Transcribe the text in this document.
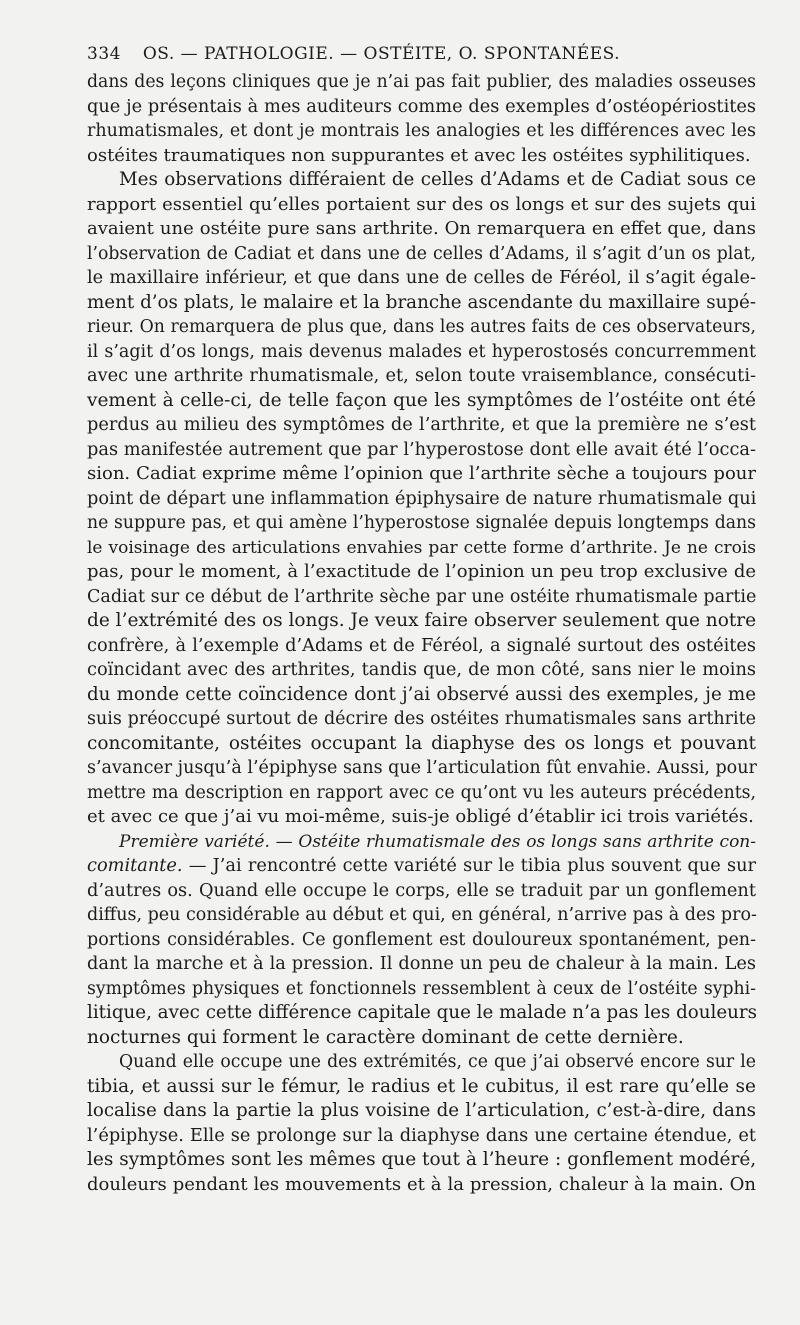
334 OS. — PATHOLOGIE. — OSTÉITE, O. SPONTANÉES.
dans des leçons cliniques que je n’ai pas fait publier, des maladies osseuses
que je présentais à mes auditeurs comme des exemples d’ostéopériostites
rhumatismales, et dont je montrais les analogies et les différences avec les
ostéites traumatiques non suppurantes et avec les ostéites syphilitiques.
Mes observations différaient de celles d’Adams et de Cadiat sous ce
rapport essentiel qu’elles portaient sur des os longs et sur des sujets qui
avaient une ostéite pure sans arthrite. On remarquera en effet que, dans
l’observation de Cadiat et dans une de celles d’Adams, il s’agit d’un os plat,
le maxillaire inférieur, et que dans une de celles de Féréol, il s’agit égale-
ment d’os plats, le malaire et la branche ascendante du maxillaire supé-
rieur. On remarquera de plus que, dans les autres faits de ces observateurs,
il s’agit d’os longs, mais devenus malades et hyperostosés concurremment
avec une arthrite rhumatismale, et, selon toute vraisemblance, consécuti-
vement à celle-ci, de telle façon que les symptômes de l’ostéite ont été
perdus au milieu des symptômes de l’arthrite, et que la première ne s’est
pas manifestée autrement que par l’hyperostose dont elle avait été l’occa-
sion. Cadiat exprime même l’opinion que l’arthrite sèche a toujours pour
point de départ une inflammation épiphysaire de nature rhumatismale qui
ne suppure pas, et qui amène l’hyperostose signalée depuis longtemps dans
le voisinage des articulations envahies par cette forme d’arthrite. Je ne crois
pas, pour le moment, à l’exactitude de l’opinion un peu trop exclusive de
Cadiat sur ce début de l’arthrite sèche par une ostéite rhumatismale partie
de l’extrémité des os longs. Je veux faire observer seulement que notre
confrère, à l’exemple d’Adams et de Féréol, a signalé surtout des ostéites
coïncidant avec des arthrites, tandis que, de mon côté, sans nier le moins
du monde cette coïncidence dont j’ai observé aussi des exemples, je me
suis préoccupé surtout de décrire des ostéites rhumatismales sans arthrite
concomitante, ostéites occupant la diaphyse des os longs et pouvant
s’avancer jusqu’à l’épiphyse sans que l’articulation fût envahie. Aussi, pour
mettre ma description en rapport avec ce qu’ont vu les auteurs précédents,
et avec ce que j’ai vu moi-même, suis-je obligé d’établir ici trois variétés.
Première variété. — Ostéite rhumatismale des os longs sans arthrite con-
comitante. — J’ai rencontré cette variété sur le tibia plus souvent que sur
d’autres os. Quand elle occupe le corps, elle se traduit par un gonflement
diffus, peu considérable au début et qui, en général, n’arrive pas à des pro-
portions considérables. Ce gonflement est douloureux spontanément, pen-
dant la marche et à la pression. Il donne un peu de chaleur à la main. Les
symptômes physiques et fonctionnels ressemblent à ceux de l’ostéite syphi-
litique, avec cette différence capitale que le malade n’a pas les douleurs
nocturnes qui forment le caractère dominant de cette dernière.
Quand elle occupe une des extrémités, ce que j’ai observé encore sur le
tibia, et aussi sur le fémur, le radius et le cubitus, il est rare qu’elle se
localise dans la partie la plus voisine de l’articulation, c’est-à-dire, dans
l’épiphyse. Elle se prolonge sur la diaphyse dans une certaine étendue, et
les symptômes sont les mêmes que tout à l’heure : gonflement modéré,
douleurs pendant les mouvements et à la pression, chaleur à la main. On
